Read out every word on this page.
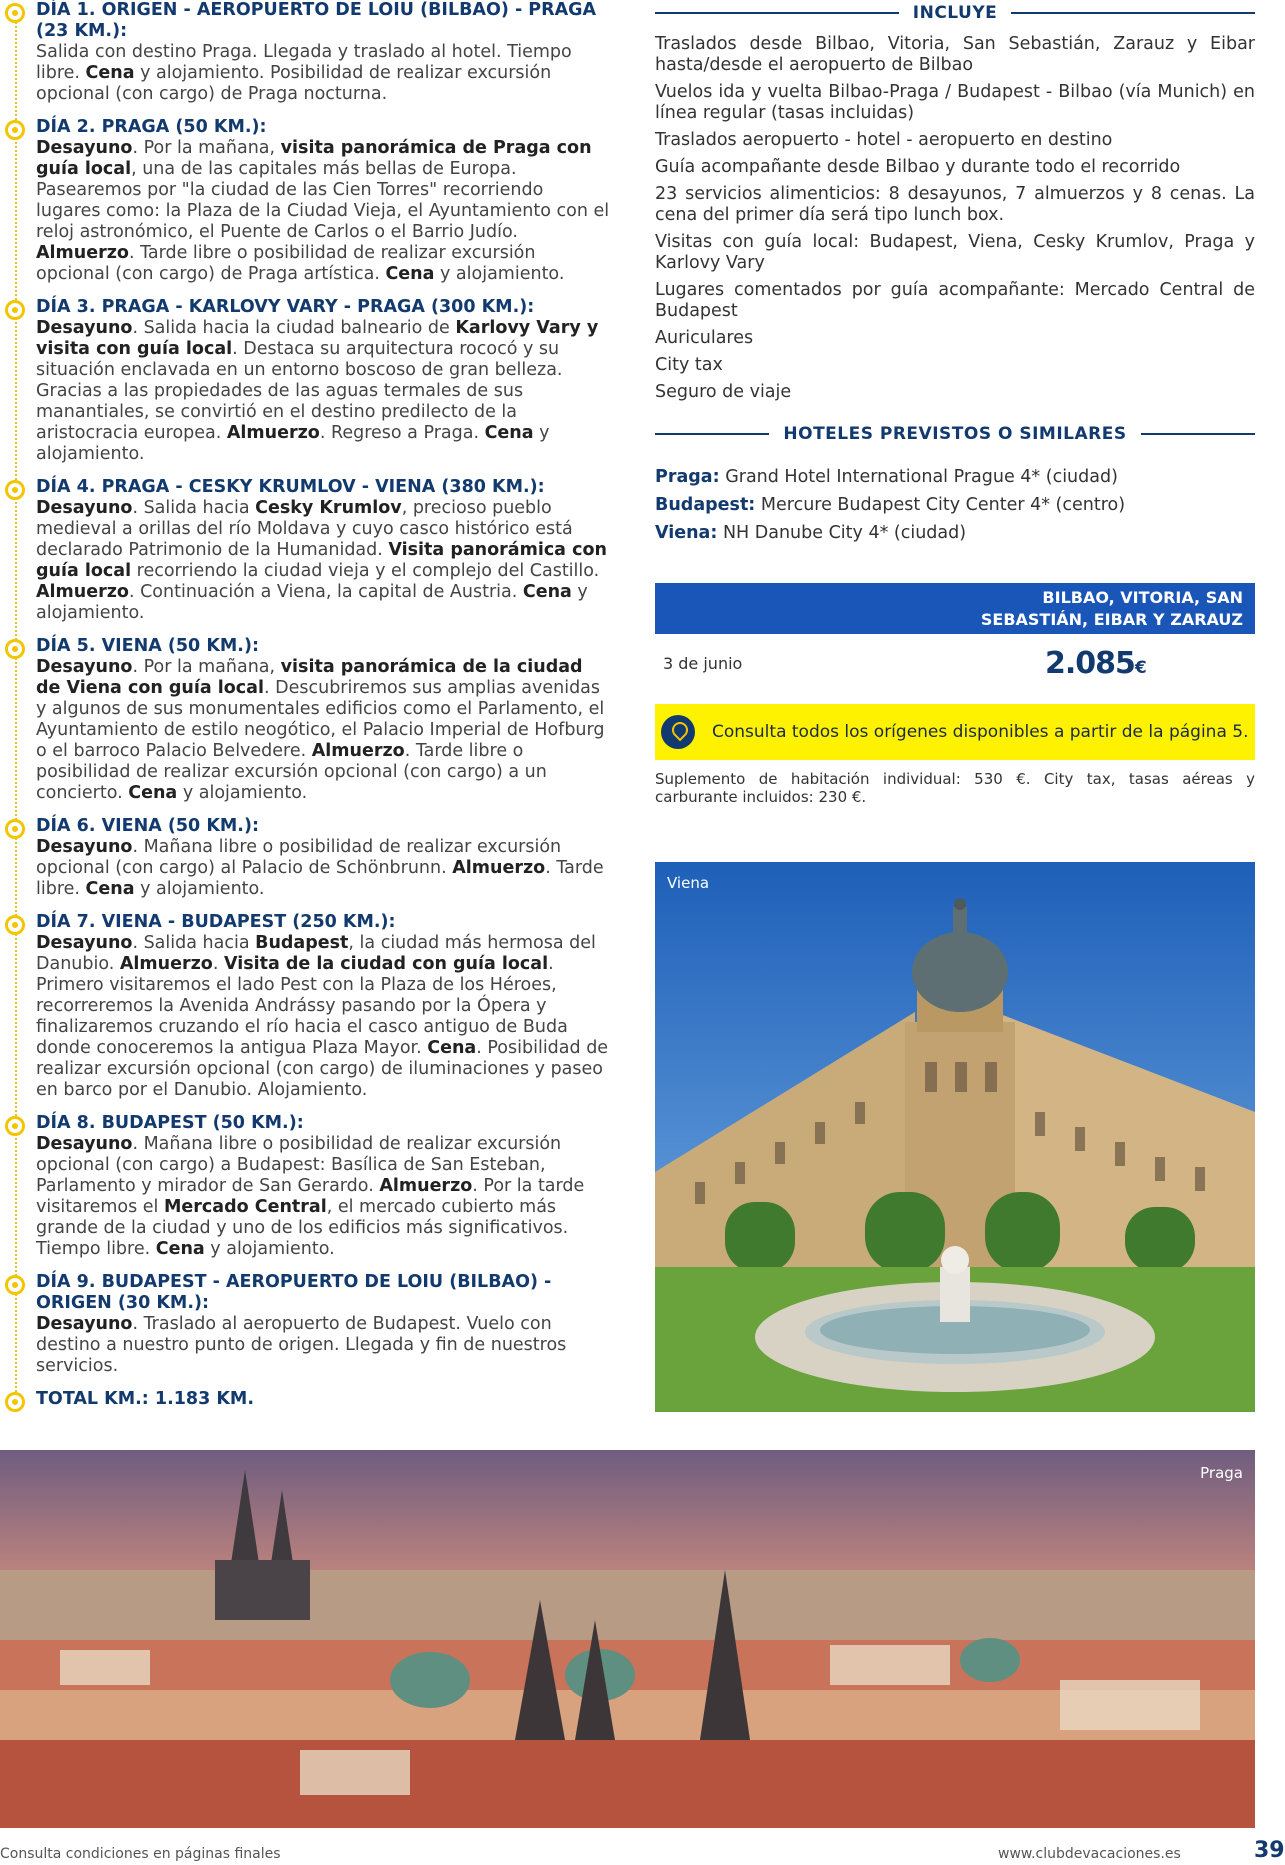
DÍA 1. ORIGEN - AEROPUERTO DE LOIU (BILBAO) - PRAGA (23 KM.):
Salida con destino Praga. Llegada y traslado al hotel. Tiempo libre. Cena y alojamiento. Posibilidad de realizar excursión opcional (con cargo) de Praga nocturna.
DÍA 2. PRAGA (50 KM.):
Desayuno. Por la mañana, visita panorámica de Praga con guía local, una de las capitales más bellas de Europa. Pasearemos por "la ciudad de las Cien Torres" recorriendo lugares como: la Plaza de la Ciudad Vieja, el Ayuntamiento con el reloj astronómico, el Puente de Carlos o el Barrio Judío. Almuerzo. Tarde libre o posibilidad de realizar excursión opcional (con cargo) de Praga artística. Cena y alojamiento.
DÍA 3. PRAGA - KARLOVY VARY - PRAGA (300 KM.):
Desayuno. Salida hacia la ciudad balneario de Karlovy Vary y visita con guía local. Destaca su arquitectura rococó y su situación enclavada en un entorno boscoso de gran belleza. Gracias a las propiedades de las aguas termales de sus manantiales, se convirtió en el destino predilecto de la aristocracia europea. Almuerzo. Regreso a Praga. Cena y alojamiento.
DÍA 4. PRAGA - CESKY KRUMLOV - VIENA (380 KM.):
Desayuno. Salida hacia Cesky Krumlov, precioso pueblo medieval a orillas del río Moldava y cuyo casco histórico está declarado Patrimonio de la Humanidad. Visita panorámica con guía local recorriendo la ciudad vieja y el complejo del Castillo. Almuerzo. Continuación a Viena, la capital de Austria. Cena y alojamiento.
DÍA 5. VIENA (50 KM.):
Desayuno. Por la mañana, visita panorámica de la ciudad de Viena con guía local. Descubriremos sus amplias avenidas y algunos de sus monumentales edificios como el Parlamento, el Ayuntamiento de estilo neogótico, el Palacio Imperial de Hofburg o el barroco Palacio Belvedere. Almuerzo. Tarde libre o posibilidad de realizar excursión opcional (con cargo) a un concierto. Cena y alojamiento.
DÍA 6. VIENA (50 KM.):
Desayuno. Mañana libre o posibilidad de realizar excursión opcional (con cargo) al Palacio de Schönbrunn. Almuerzo. Tarde libre. Cena y alojamiento.
DÍA 7. VIENA - BUDAPEST (250 KM.):
Desayuno. Salida hacia Budapest, la ciudad más hermosa del Danubio. Almuerzo. Visita de la ciudad con guía local. Primero visitaremos el lado Pest con la Plaza de los Héroes, recorreremos la Avenida Andrássy pasando por la Ópera y finalizaremos cruzando el río hacia el casco antiguo de Buda donde conoceremos la antigua Plaza Mayor. Cena. Posibilidad de realizar excursión opcional (con cargo) de iluminaciones y paseo en barco por el Danubio. Alojamiento.
DÍA 8. BUDAPEST (50 KM.):
Desayuno. Mañana libre o posibilidad de realizar excursión opcional (con cargo) a Budapest: Basílica de San Esteban, Parlamento y mirador de San Gerardo. Almuerzo. Por la tarde visitaremos el Mercado Central, el mercado cubierto más grande de la ciudad y uno de los edificios más significativos. Tiempo libre. Cena y alojamiento.
DÍA 9. BUDAPEST - AEROPUERTO DE LOIU (BILBAO) - ORIGEN (30 KM.):
Desayuno. Traslado al aeropuerto de Budapest. Vuelo con destino a nuestro punto de origen. Llegada y fin de nuestros servicios.
TOTAL KM.: 1.183 KM.
INCLUYE
Traslados desde Bilbao, Vitoria, San Sebastián, Zarauz y Eibar hasta/desde el aeropuerto de Bilbao
Vuelos ida y vuelta Bilbao-Praga / Budapest - Bilbao (vía Munich) en línea regular (tasas incluidas)
Traslados aeropuerto - hotel - aeropuerto en destino
Guía acompañante desde Bilbao y durante todo el recorrido
23 servicios alimenticios: 8 desayunos, 7 almuerzos y 8 cenas. La cena del primer día será tipo lunch box.
Visitas con guía local: Budapest, Viena, Cesky Krumlov, Praga y Karlovy Vary
Lugares comentados por guía acompañante: Mercado Central de Budapest
Auriculares
City tax
Seguro de viaje
HOTELES PREVISTOS O SIMILARES
Praga: Grand Hotel International Prague 4* (ciudad)
Budapest: Mercure Budapest City Center 4* (centro)
Viena: NH Danube City 4* (ciudad)
BILBAO, VITORIA, SAN
SEBASTIÁN, EIBAR Y ZARAUZ
3 de junio	2.085€
Consulta todos los orígenes disponibles a partir de la página 5.
Suplemento de habitación individual: 530 €. City tax, tasas aéreas y carburante incluidos: 230 €.
Viena
Praga
Consulta condiciones en páginas finales	www.clubdevacaciones.es	39
